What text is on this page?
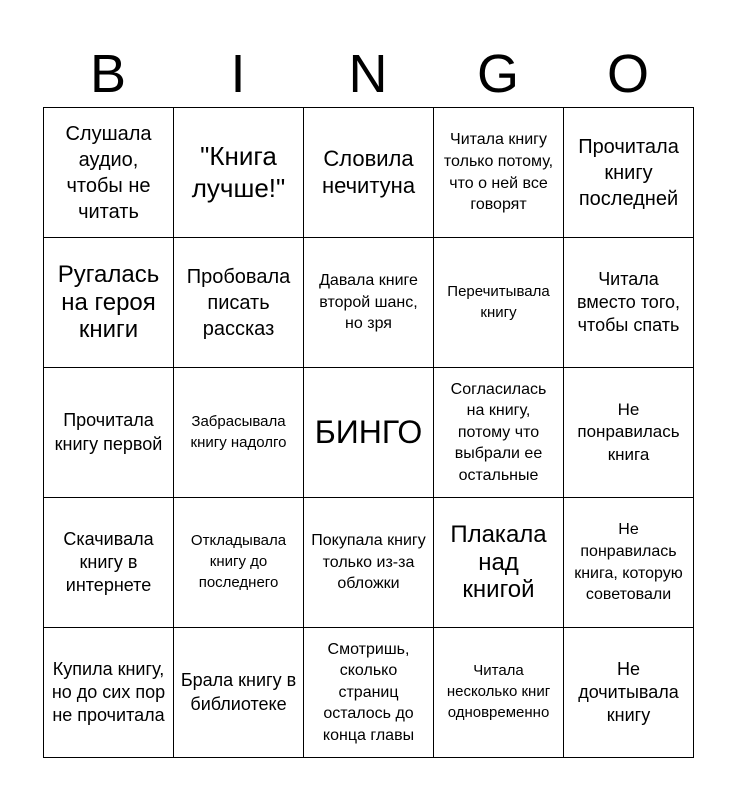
B	I	N	G	O
Слушала аудио, чтобы не читать
"Книга лучше!"
Словила нечитуна
Читала книгу только потому, что о ней все говорят
Прочитала книгу последней
Ругалась на героя книги
Пробовала писать рассказ
Давала книге второй шанс, но зря
Перечитывала книгу
Читала вместо того, чтобы спать
Прочитала книгу первой
Забрасывала книгу надолго БИНГО
Согласилась на книгу, потому что выбрали ее остальные
Не понравилась книга
Скачивала книгу в интернете
Откладывала книгу до последнего
Покупала книгу только из-за обложки
Плакала над книгой
Не понравилась книга, которую советовали
Купила книгу, но до сих пор не прочитала
Брала книгу в библиотеке
Смотришь, сколько страниц осталось до конца главы
Читала несколько книг одновременно
Не дочитывала книгу
